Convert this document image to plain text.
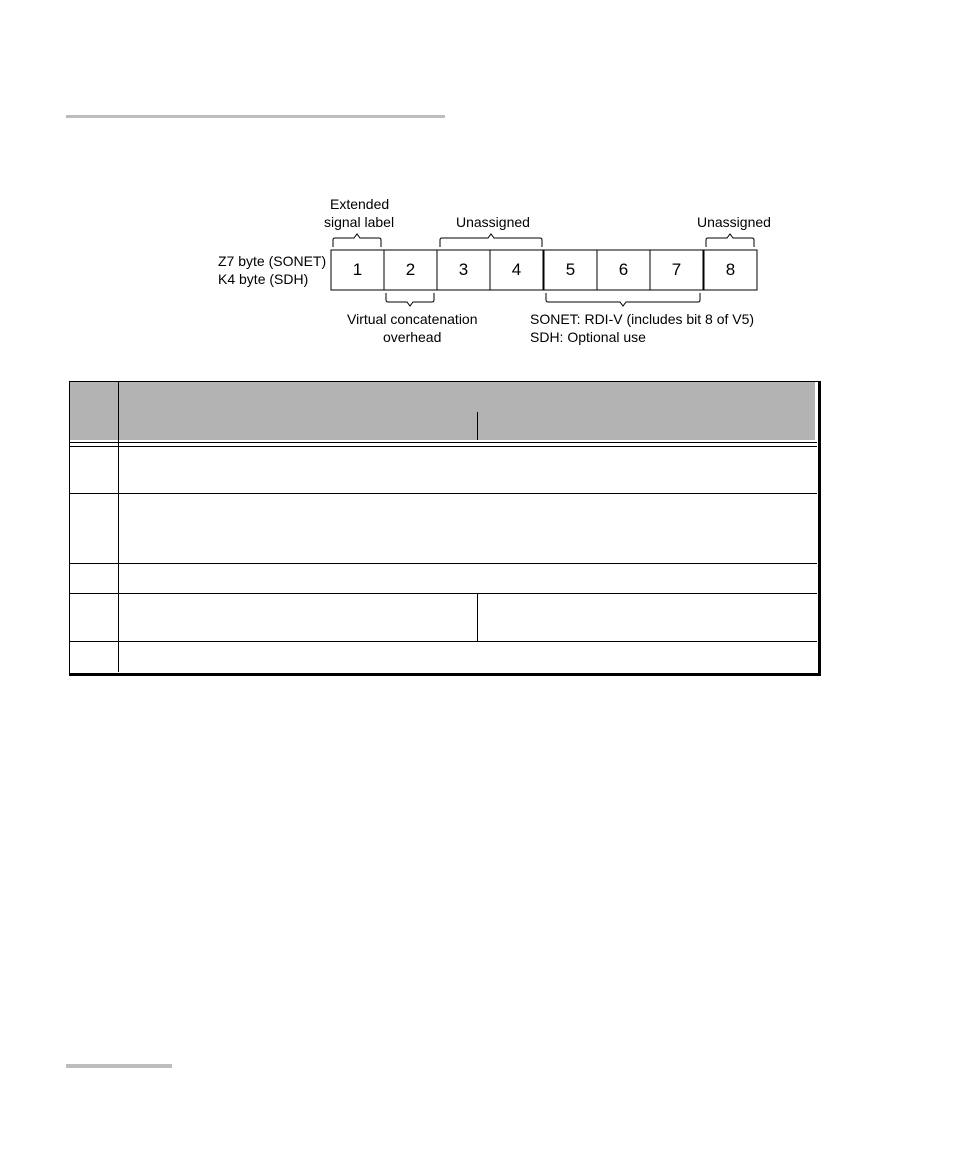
Extended
signal label	Unassigned	Unassigned
Z7 byte (SONET)
K4 byte (SDH)	1	2	3	4	5	6	7	8
Virtual concatenation
overhead
SONET: RDI-V (includes bit 8 of V5)
SDH: Optional use
